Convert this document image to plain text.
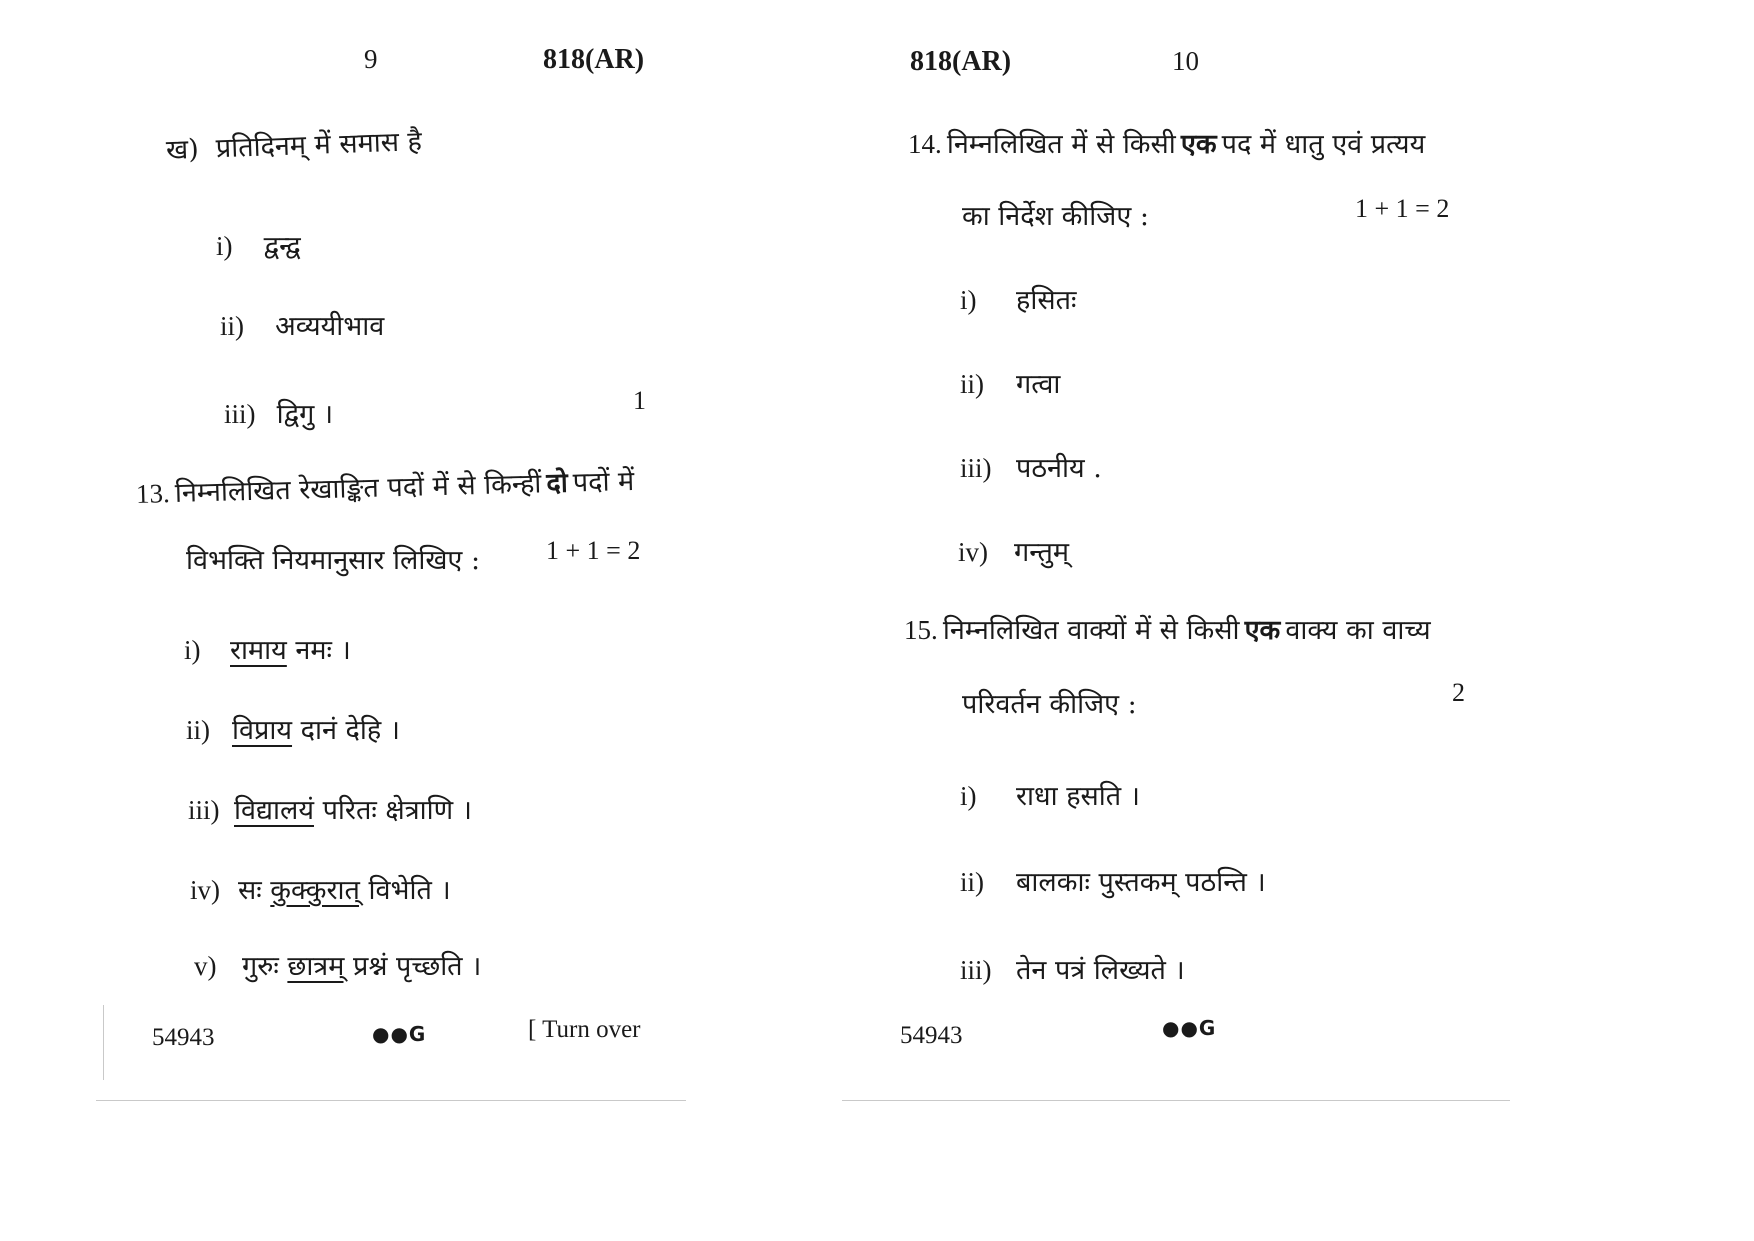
9	818(AR)
ख) प्रतिदिनम् में समास है
i) द्वन्द्व
ii) अव्ययीभाव
iii) द्विगु ।	1
13. निम्नलिखित रेखाङ्कित पदों में से किन्हीं दो पदों में
विभक्ति नियमानुसार लिखिए :	1 + 1 = 2
i) रामाय नमः ।
ii) विप्राय दानं देहि ।
iii) विद्यालयं परितः क्षेत्राणि ।
iv) सः कुक्कुरात् विभेति ।
v) गुरुः छात्रम् प्रश्नं पृच्छति ।
54943	●●G	[ Turn over
818(AR)	10
14. निम्नलिखित में से किसी एक पद में धातु एवं प्रत्यय
का निर्देश कीजिए :	1 + 1 = 2
i) हसितः
ii) गत्वा
iii) पठनीय .
iv) गन्तुम्
15. निम्नलिखित वाक्यों में से किसी एक वाक्य का वाच्य
परिवर्तन कीजिए :	2
i) राधा हसति ।
ii) बालकाः पुस्तकम् पठन्ति ।
iii) तेन पत्रं लिख्यते ।
54943	●●G
